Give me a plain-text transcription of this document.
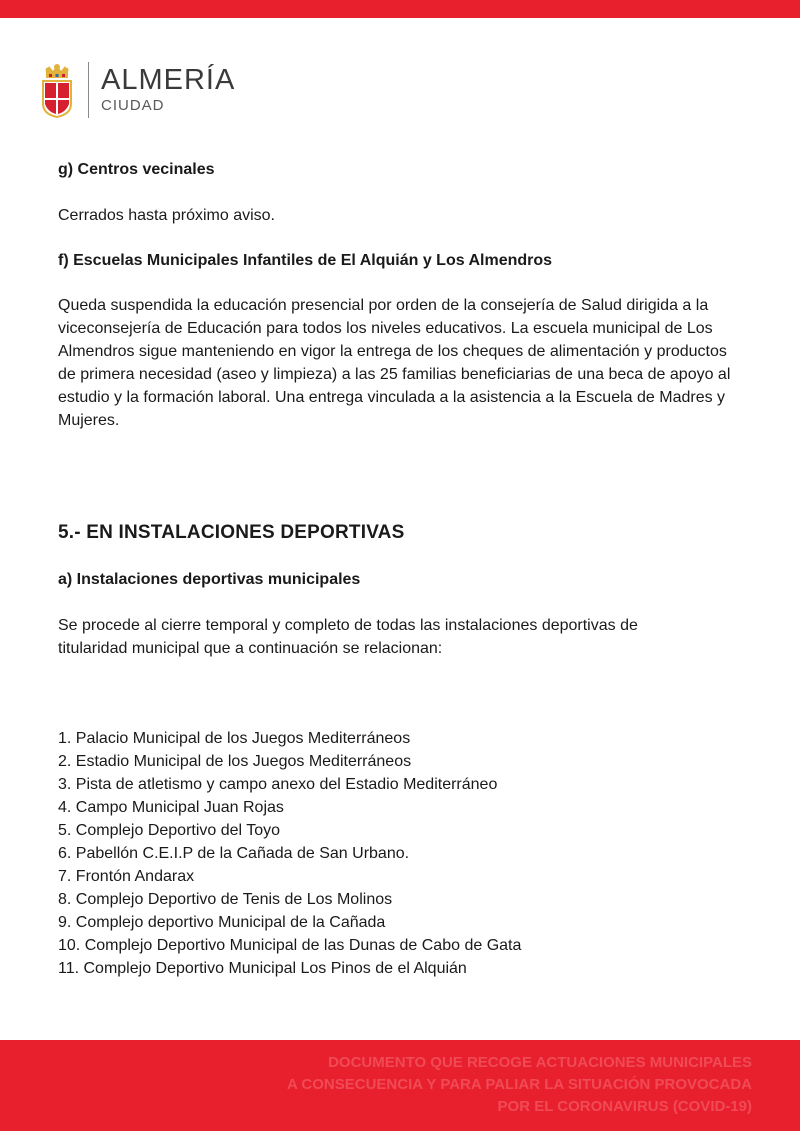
ALMERÍA
CIUDAD

g) Centros vecinales

Cerrados hasta próximo aviso.

f) Escuelas Municipales Infantiles de El Alquián y Los Almendros

Queda suspendida la educación presencial por orden de la consejería de Salud dirigida a la viceconsejería de Educación para todos los niveles educativos. La escuela municipal de Los Almendros sigue manteniendo en vigor la entrega de los cheques de alimentación y productos de primera necesidad (aseo y limpieza) a las 25 familias beneficiarias de una beca de apoyo al estudio y la formación laboral. Una entrega vinculada a la asistencia a la Escuela de Madres y Mujeres.

5.- EN INSTALACIONES DEPORTIVAS

a) Instalaciones deportivas municipales

Se procede al cierre temporal y completo de todas las instalaciones deportivas de titularidad municipal que a continuación se relacionan:

1. Palacio Municipal de los Juegos Mediterráneos
2. Estadio Municipal de los Juegos Mediterráneos
3. Pista de atletismo y campo anexo del Estadio Mediterráneo
4. Campo Municipal Juan Rojas
5. Complejo Deportivo del Toyo
6. Pabellón C.E.I.P de la Cañada de San Urbano.
7. Frontón Andarax
8. Complejo Deportivo de Tenis de Los Molinos
9. Complejo deportivo Municipal de la Cañada
10. Complejo Deportivo Municipal de las Dunas de Cabo de Gata
11. Complejo Deportivo Municipal Los Pinos de el Alquián
DOCUMENTO QUE RECOGE ACTUACIONES MUNICIPALES
A CONSECUENCIA Y PARA PALIAR LA SITUACIÓN PROVOCADA
POR EL CORONAVIRUS (COVID-19)
